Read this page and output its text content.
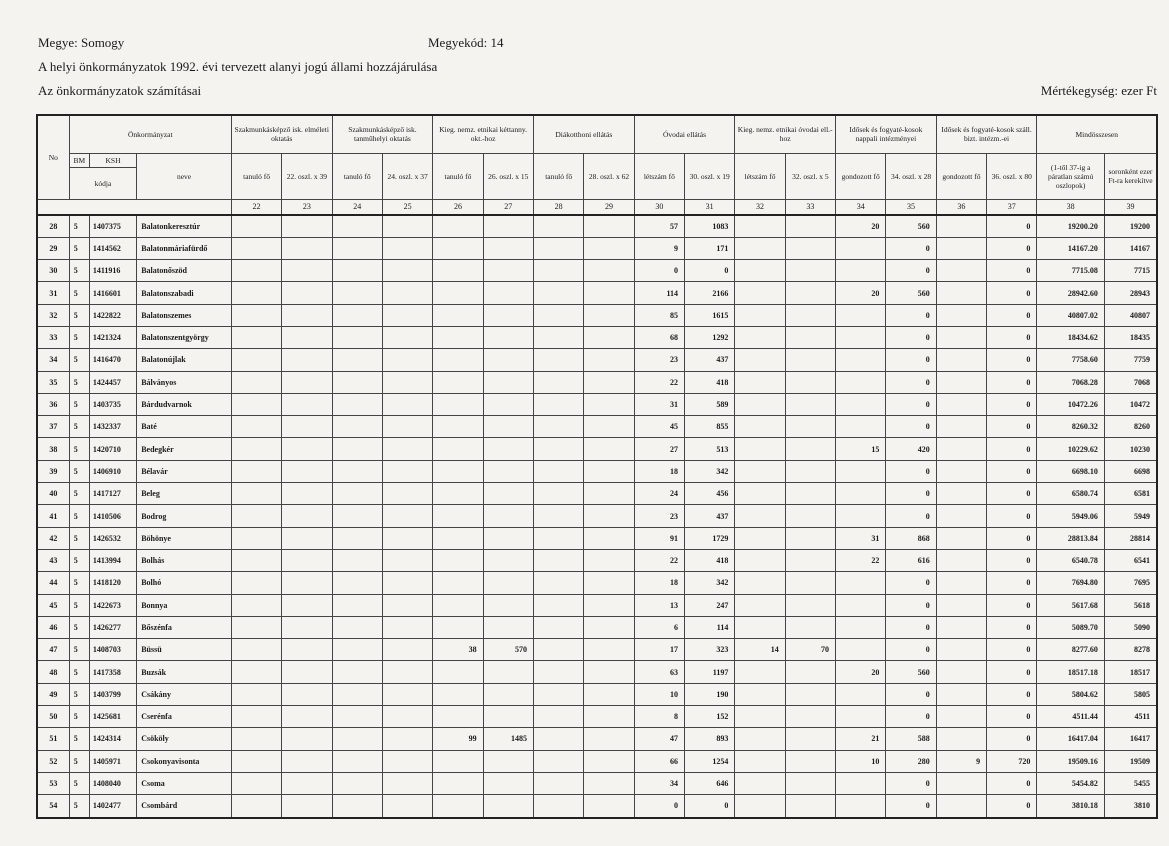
Megye: Somogy	Megyekód: 14
A helyi önkormányzatok 1992. évi tervezett alanyi jogú állami hozzájárulása
Az önkormányzatok számításai	Mértékegység: ezer Ft
No	Önkormányzat			Szakmunkásképző isk. elméleti oktatás		Szakmunkásképző isk. tanműhelyi oktatás		Kieg. nemz. etnikai kéttanny. okt.-hoz		Diákotthoni ellátás		Óvodai ellátás		Kieg. nemz. etnikai óvodai ell.-hoz		Idősek és fogyaté-kosok nappali intézményei		Idősek és fogyaté-kosok száll. bizt. intézm.-ei		Mindösszesen	
	BM	KSH	neve	tanuló fő	22. oszl. x 39	tanuló fő	24. oszl. x 37	tanuló fő	26. oszl. x 15	tanuló fő	28. oszl. x 62	létszám fő	30. oszl. x 19	létszám fő	32. oszl. x 5	gondozott fő	34. oszl. x 28	gondozott fő	36. oszl. x 80	(1-től 37-ig a páratlan számú oszlopok)	soronként ezer Ft-ra kerekítve
	kódja																				
				22	23	24	25	26	27	28	29	30	31	32	33	34	35	36	37	38	39
28	5	1407375	Balatonkeresztúr									57	1083			20	560		0	19200.20	19200
29	5	1414562	Balatonmáriafürdő									9	171				0		0	14167.20	14167
30	5	1411916	Balatonőszöd									0	0				0		0	7715.08	7715
31	5	1416601	Balatonszabadi									114	2166			20	560		0	28942.60	28943
32	5	1422822	Balatonszemes									85	1615				0		0	40807.02	40807
33	5	1421324	Balatonszentgyörgy									68	1292				0		0	18434.62	18435
34	5	1416470	Balatonújlak									23	437				0		0	7758.60	7759
35	5	1424457	Bálványos									22	418				0		0	7068.28	7068
36	5	1403735	Bárdudvarnok									31	589				0		0	10472.26	10472
37	5	1432337	Baté									45	855				0		0	8260.32	8260
38	5	1420710	Bedegkér									27	513			15	420		0	10229.62	10230
39	5	1406910	Bélavár									18	342				0		0	6698.10	6698
40	5	1417127	Beleg									24	456				0		0	6580.74	6581
41	5	1410506	Bodrog									23	437				0		0	5949.06	5949
42	5	1426532	Böhönye									91	1729			31	868		0	28813.84	28814
43	5	1413994	Bolhás									22	418			22	616		0	6540.78	6541
44	5	1418120	Bolhó									18	342				0		0	7694.80	7695
45	5	1422673	Bonnya									13	247				0		0	5617.68	5618
46	5	1426277	Bőszénfa									6	114				0		0	5089.70	5090
47	5	1408703	Büssü					38	570			17	323	14	70		0		0	8277.60	8278
48	5	1417358	Buzsák									63	1197			20	560		0	18517.18	18517
49	5	1403799	Csákány									10	190				0		0	5804.62	5805
50	5	1425681	Cserénfa									8	152				0		0	4511.44	4511
51	5	1424314	Csököly					99	1485			47	893			21	588		0	16417.04	16417
52	5	1405971	Csokonyavisonta									66	1254			10	280	9	720	19509.16	19509
53	5	1408040	Csoma									34	646				0		0	5454.82	5455
54	5	1402477	Csombárd									0	0				0		0	3810.18	3810
